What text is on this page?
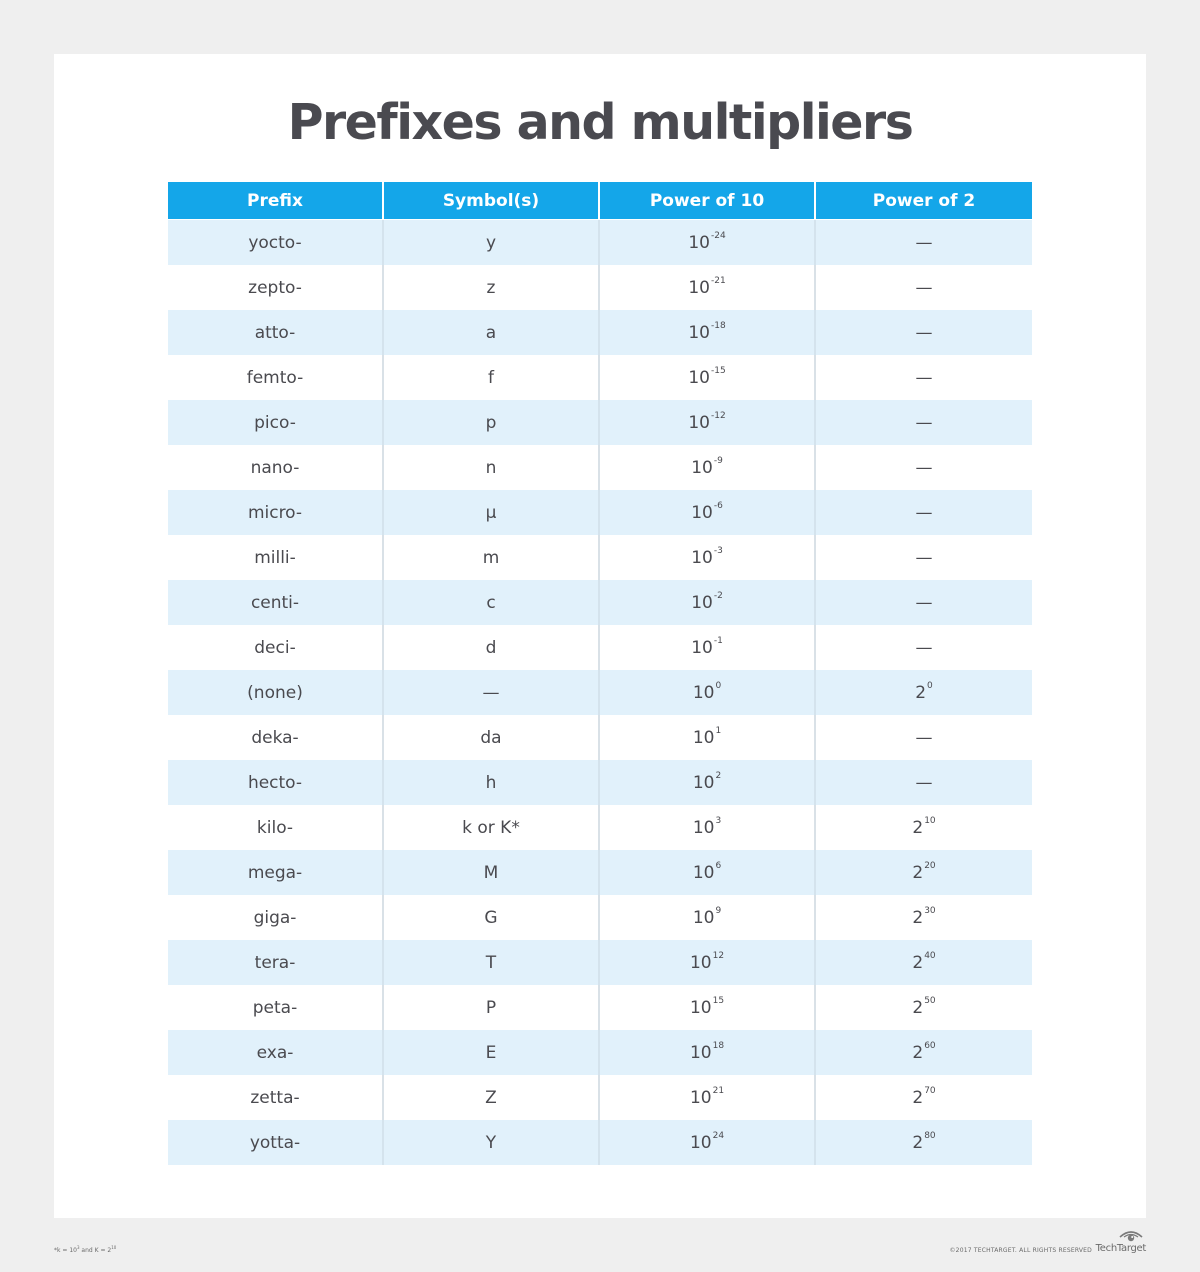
Prefixes and multipliers
Prefix	Symbol(s)	Power of 10	Power of 2
yocto-	y	$10^{-24}$	—
zepto-	z	$10^{-21}$	—
atto-	a	$10^{-18}$	—
femto-	f	$10^{-15}$	—
pico-	p	$10^{-12}$	—
nano-	n	$10^{-9}$	—
micro-	µ	$10^{-6}$	—
milli-	m	$10^{-3}$	—
centi-	c	$10^{-2}$	—
deci-	d	$10^{-1}$	—
(none)	—	$10^0$	$2^0$
deka-	da	$10^1$	—
hecto-	h	$10^2$	—
kilo-	k or K*	$10^3$	$2^{10}$
mega-	M	$10^6$	$2^{20}$
giga-	G	$10^9$	$2^{30}$
tera-	T	$10^{12}$	$2^{40}$
peta-	P	$10^{15}$	$2^{50}$
exa-	E	$10^{18}$	$2^{60}$
zetta-	Z	$10^{21}$	$2^{70}$
yotta-	Y	$10^{24}$	$2^{80}$
$*k = 10^3$ and $K = 2^{10}$	©2017 TECHTARGET. ALL RIGHTS RESERVED TechTarget
